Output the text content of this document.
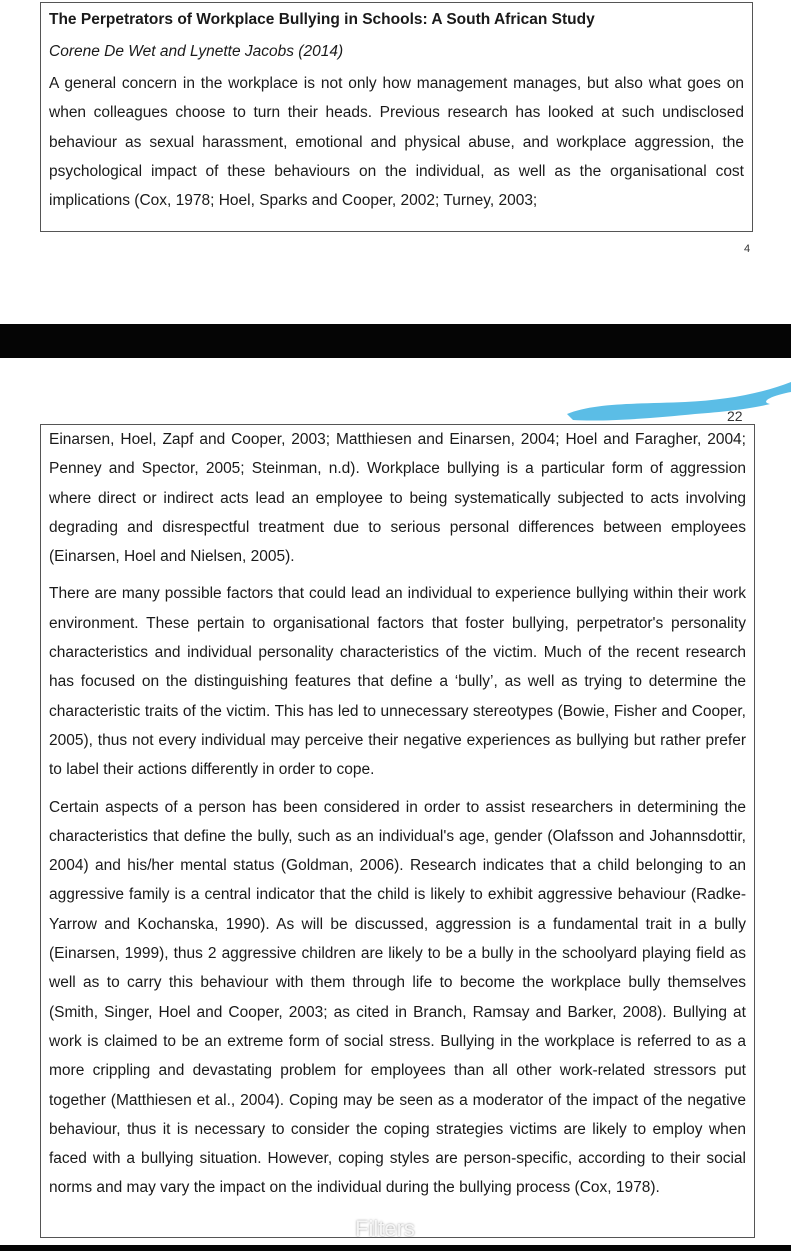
The Perpetrators of Workplace Bullying in Schools: A South African Study

Corene De Wet and Lynette Jacobs (2014)

A general concern in the workplace is not only how management manages, but also what goes on when colleagues choose to turn their heads. Previous research has looked at such undisclosed behaviour as sexual harassment, emotional and physical abuse, and workplace aggression, the psychological impact of these behaviours on the individual, as well as the organisational cost implications (Cox, 1978; Hoel, Sparks and Cooper, 2002; Turney, 2003;

4
22

Einarsen, Hoel, Zapf and Cooper, 2003; Matthiesen and Einarsen, 2004; Hoel and Faragher, 2004; Penney and Spector, 2005; Steinman, n.d). Workplace bullying is a particular form of aggression where direct or indirect acts lead an employee to being systematically subjected to acts involving degrading and disrespectful treatment due to serious personal differences between employees (Einarsen, Hoel and Nielsen, 2005).

There are many possible factors that could lead an individual to experience bullying within their work environment. These pertain to organisational factors that foster bullying, perpetrator's personality characteristics and individual personality characteristics of the victim. Much of the recent research has focused on the distinguishing features that define a ‘bully’, as well as trying to determine the characteristic traits of the victim. This has led to unnecessary stereotypes (Bowie, Fisher and Cooper, 2005), thus not every individual may perceive their negative experiences as bullying but rather prefer to label their actions differently in order to cope.

Certain aspects of a person has been considered in order to assist researchers in determining the characteristics that define the bully, such as an individual's age, gender (Olafsson and Johannsdottir, 2004) and his/her mental status (Goldman, 2006). Research indicates that a child belonging to an aggressive family is a central indicator that the child is likely to exhibit aggressive behaviour (Radke-Yarrow and Kochanska, 1990). As will be discussed, aggression is a fundamental trait in a bully (Einarsen, 1999), thus 2 aggressive children are likely to be a bully in the schoolyard playing field as well as to carry this behaviour with them through life to become the workplace bully themselves (Smith, Singer, Hoel and Cooper, 2003; as cited in Branch, Ramsay and Barker, 2008). Bullying at work is claimed to be an extreme form of social stress. Bullying in the workplace is referred to as a more crippling and devastating problem for employees than all other work-related stressors put together (Matthiesen et al., 2004). Coping may be seen as a moderator of the impact of the negative behaviour, thus it is necessary to consider the coping strategies victims are likely to employ when faced with a bullying situation. However, coping styles are person-specific, according to their social norms and may vary the impact on the individual during the bullying process (Cox, 1978).

Filters
